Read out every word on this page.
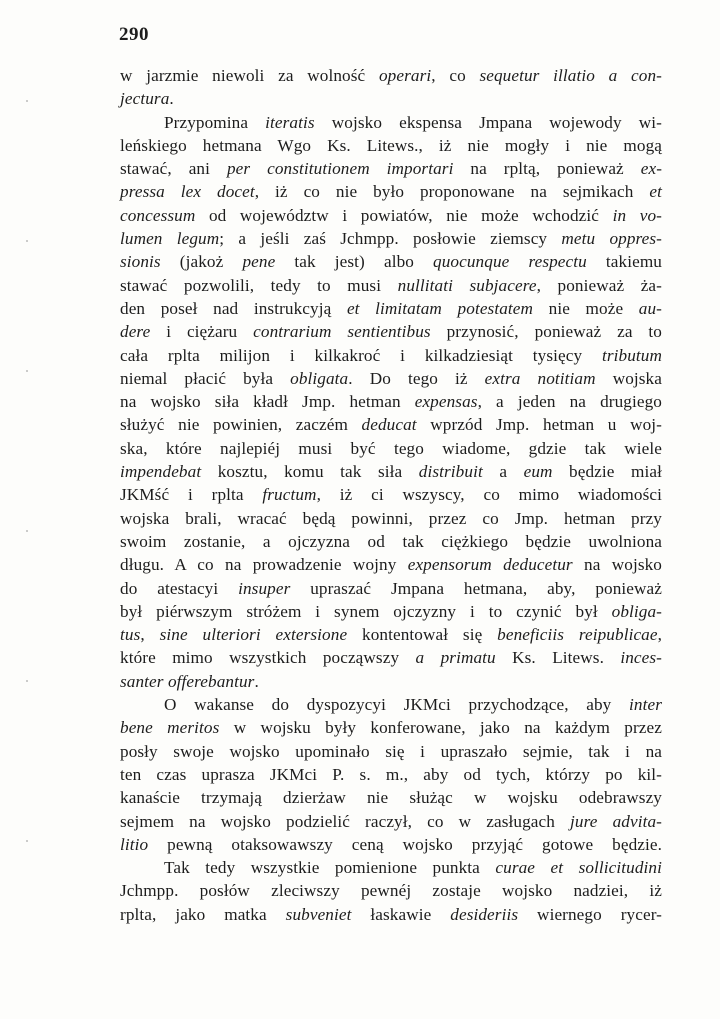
290
w jarzmie niewoli za wolność operari, co sequetur illatio a con-
jectura.
Przypomina iteratis wojsko ekspensa Jmpana wojewody wi-
leńskiego hetmana Wgo Ks. Litews., iż nie mogły i nie mogą
stawać, ani per constitutionem importari na rpltą, ponieważ ex-
pressa lex docet, iż co nie było proponowane na sejmikach et
concessum od województw i powiatów, nie może wchodzić in vo-
lumen legum; a jeśli zaś Jchmpp. posłowie ziemscy metu oppres-
sionis (jakoż pene tak jest) albo quocunque respectu takiemu
stawać pozwolili, tedy to musi nullitati subjacere, ponieważ ża-
den poseł nad instrukcyją et limitatam potestatem nie może au-
dere i ciężaru contrarium sentientibus przynosić, ponieważ za to
cała rplta milijon i kilkakroć i kilkadziesiąt tysięcy tributum
niemal płacić była obligata. Do tego iż extra notitiam wojska
na wojsko siła kładł Jmp. hetman expensas, a jeden na drugiego
służyć nie powinien, zaczém deducat wprzód Jmp. hetman u woj-
ska, które najlepiéj musi być tego wiadome, gdzie tak wiele
impendebat kosztu, komu tak siła distribuit a eum będzie miał
JKMść i rplta fructum, iż ci wszyscy, co mimo wiadomości
wojska brali, wracać będą powinni, przez co Jmp. hetman przy
swoim zostanie, a ojczyzna od tak ciężkiego będzie uwolniona
długu. A co na prowadzenie wojny expensorum deducetur na wojsko
do atestacyi insuper upraszać Jmpana hetmana, aby, ponieważ
był piérwszym stróżem i synem ojczyzny i to czynić był obliga-
tus, sine ulteriori extersione kontentował się beneficiis reipublicae,
które mimo wszystkich począwszy a primatu Ks. Litews. inces-
santer offerebantur.
O wakanse do dyspozycyi JKMci przychodzące, aby inter
bene meritos w wojsku były konferowane, jako na każdym przez
posły swoje wojsko upominało się i upraszało sejmie, tak i na
ten czas uprasza JKMci P. s. m., aby od tych, którzy po kil-
kanaście trzymają dzierżaw nie służąc w wojsku odebrawszy
sejmem na wojsko podzielić raczył, co w zasługach jure advita-
litio pewną otaksowawszy ceną wojsko przyjąć gotowe będzie.
Tak tedy wszystkie pomienione punkta curae et sollicitudini
Jchmpp. posłów zleciwszy pewnéj zostaje wojsko nadziei, iż
rplta, jako matka subveniet łaskawie desideriis wiernego rycer-
